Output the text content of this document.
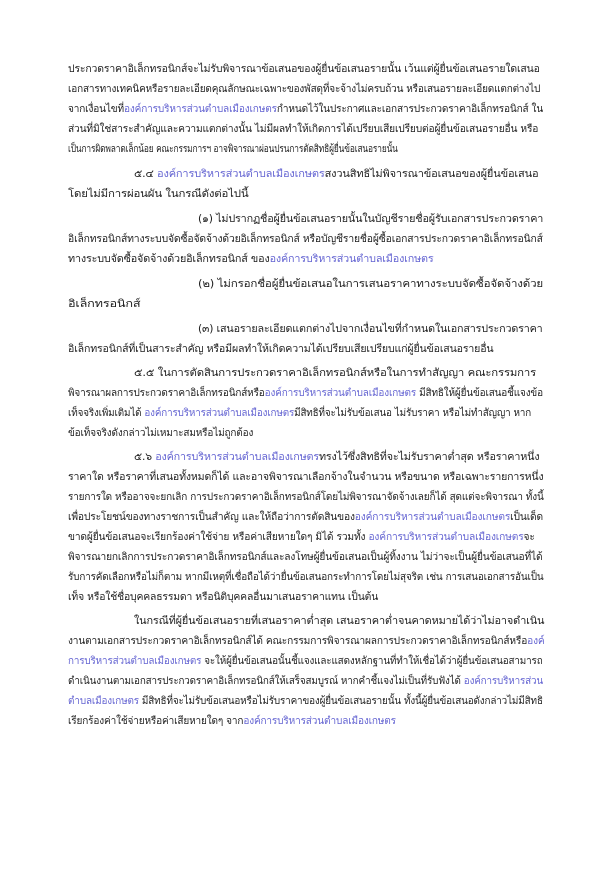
ประกวดราคาอิเล็กทรอนิกส์จะไม่รับพิจารณาข้อเสนอของผู้ยื่นข้อเสนอรายนั้น เว้นแต่ผู้ยื่นข้อเสนอรายใดเสนอ
เอกสารทางเทคนิคหรือรายละเอียดคุณลักษณะเฉพาะของพัสดุที่จะจ้างไม่ครบถ้วน หรือเสนอรายละเอียดแตกต่างไป
จากเงื่อนไขที่องค์การบริหารส่วนตำบลเมืองเกษตรกำหนดไว้ในประกาศและเอกสารประกวดราคาอิเล็กทรอนิกส์ ใน
ส่วนที่มิใช่สาระสำคัญและความแตกต่างนั้น ไม่มีผลทำให้เกิดการได้เปรียบเสียเปรียบต่อผู้ยื่นข้อเสนอรายอื่น หรือ
เป็นการผิดพลาดเล็กน้อย คณะกรรมการฯ อาจพิจารณาผ่อนปรนการตัดสิทธิผู้ยื่นข้อเสนอรายนั้น
๕.๔ องค์การบริหารส่วนตำบลเมืองเกษตรสงวนสิทธิไม่พิจารณาข้อเสนอของผู้ยื่นข้อเสนอ
โดยไม่มีการผ่อนผัน ในกรณีดังต่อไปนี้
(๑) ไม่ปรากฏชื่อผู้ยื่นข้อเสนอรายนั้นในบัญชีรายชื่อผู้รับเอกสารประกวดราคา
อิเล็กทรอนิกส์ทางระบบจัดซื้อจัดจ้างด้วยอิเล็กทรอนิกส์ หรือบัญชีรายชื่อผู้ซื้อเอกสารประกวดราคาอิเล็กทรอนิกส์
ทางระบบจัดซื้อจัดจ้างด้วยอิเล็กทรอนิกส์ ขององค์การบริหารส่วนตำบลเมืองเกษตร
(๒) ไม่กรอกชื่อผู้ยื่นข้อเสนอในการเสนอราคาทางระบบจัดซื้อจัดจ้างด้วย
อิเล็กทรอนิกส์
(๓) เสนอรายละเอียดแตกต่างไปจากเงื่อนไขที่กำหนดในเอกสารประกวดราคา
อิเล็กทรอนิกส์ที่เป็นสาระสำคัญ หรือมีผลทำให้เกิดความได้เปรียบเสียเปรียบแก่ผู้ยื่นข้อเสนอรายอื่น
๕.๕ ในการตัดสินการประกวดราคาอิเล็กทรอนิกส์หรือในการทำสัญญา คณะกรรมการ
พิจารณาผลการประกวดราคาอิเล็กทรอนิกส์หรือองค์การบริหารส่วนตำบลเมืองเกษตร มีสิทธิให้ผู้ยื่นข้อเสนอชี้แจงข้อ
เท็จจริงเพิ่มเติมได้ องค์การบริหารส่วนตำบลเมืองเกษตรมีสิทธิที่จะไม่รับข้อเสนอ ไม่รับราคา หรือไม่ทำสัญญา หาก
ข้อเท็จจริงดังกล่าวไม่เหมาะสมหรือไม่ถูกต้อง
๕.๖ องค์การบริหารส่วนตำบลเมืองเกษตรทรงไว้ซึ่งสิทธิที่จะไม่รับราคาต่ำสุด หรือราคาหนึ่ง
ราคาใด หรือราคาที่เสนอทั้งหมดก็ได้ และอาจพิจารณาเลือกจ้างในจำนวน หรือขนาด หรือเฉพาะรายการหนึ่ง
รายการใด หรืออาจจะยกเลิก การประกวดราคาอิเล็กทรอนิกส์โดยไม่พิจารณาจัดจ้างเลยก็ได้ สุดแต่จะพิจารณา ทั้งนี้
เพื่อประโยชน์ของทางราชการเป็นสำคัญ และให้ถือว่าการตัดสินขององค์การบริหารส่วนตำบลเมืองเกษตรเป็นเด็ด
ขาดผู้ยื่นข้อเสนอจะเรียกร้องค่าใช้จ่าย หรือค่าเสียหายใดๆ มิได้ รวมทั้ง องค์การบริหารส่วนตำบลเมืองเกษตรจะ
พิจารณายกเลิกการประกวดราคาอิเล็กทรอนิกส์และลงโทษผู้ยื่นข้อเสนอเป็นผู้ทิ้งงาน ไม่ว่าจะเป็นผู้ยื่นข้อเสนอที่ได้
รับการคัดเลือกหรือไม่ก็ตาม หากมีเหตุที่เชื่อถือได้ว่ายื่นข้อเสนอกระทำการโดยไม่สุจริต เช่น การเสนอเอกสารอันเป็น
เท็จ หรือใช้ชื่อบุคคลธรรมดา หรือนิติบุคคลอื่นมาเสนอราคาแทน เป็นต้น
ในกรณีที่ผู้ยื่นข้อเสนอรายที่เสนอราคาต่ำสุด เสนอราคาต่ำจนคาดหมายได้ว่าไม่อาจดำเนิน
งานตามเอกสารประกวดราคาอิเล็กทรอนิกส์ได้ คณะกรรมการพิจารณาผลการประกวดราคาอิเล็กทรอนิกส์หรือองค์
การบริหารส่วนตำบลเมืองเกษตร จะให้ผู้ยื่นข้อเสนอนั้นชี้แจงและแสดงหลักฐานที่ทำให้เชื่อได้ว่าผู้ยื่นข้อเสนอสามารถ
ดำเนินงานตามเอกสารประกวดราคาอิเล็กทรอนิกส์ให้เสร็จสมบูรณ์ หากคำชี้แจงไม่เป็นที่รับฟังได้ องค์การบริหารส่วน
ตำบลเมืองเกษตร มีสิทธิที่จะไม่รับข้อเสนอหรือไม่รับราคาของผู้ยื่นข้อเสนอรายนั้น ทั้งนี้ผู้ยื่นข้อเสนอดังกล่าวไม่มีสิทธิ
เรียกร้องค่าใช้จ่ายหรือค่าเสียหายใดๆ จากองค์การบริหารส่วนตำบลเมืองเกษตร
